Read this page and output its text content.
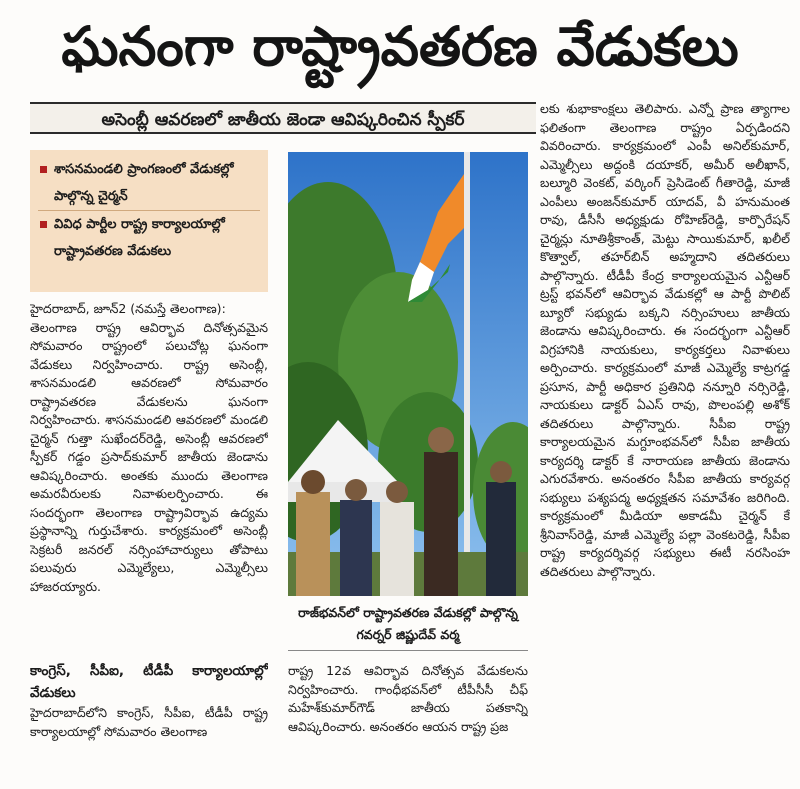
ఘనంగా రాష్ట్రావతరణ వేడుకలు
అసెంబ్లీ ఆవరణలో జాతీయ జెండా ఆవిష్కరించిన స్పీకర్
శాసనమండలి ప్రాంగణంలో వేడుకల్లో పాల్గొన్న చైర్మన్
వివిధ పార్టీల రాష్ట్ర కార్యాలయాల్లో రాష్ట్రావతరణ వేడుకలు

హైదరాబాద్‌, జూన్‌2 (నమస్తే తెలంగాణ):

తెలంగాణ రాష్ట్ర ఆవిర్భావ దినోత్సవమైన సోమవారం రాష్ట్రంలో పలుచోట్ల ఘనంగా వేడుకలు నిర్వహించారు. రాష్ట్ర అసెంబ్లీ, శాసనమండలి ఆవరణలో సోమవారం రాష్ట్రావతరణ వేడుకలను ఘనంగా నిర్వహించారు. శాసనమండలి ఆవరణలో మండలి చైర్మన్‌ గుత్తా సుఖేందర్‌రెడ్డి, అసెంబ్లీ ఆవరణలో స్పీకర్‌ గడ్డం ప్రసాద్‌కుమార్‌ జాతీయ జెండాను ఆవిష్కరించారు. అంతకు ముందు తెలంగాణ అమరవీరులకు నివాళులర్పించారు. ఈ సందర్భంగా తెలంగాణ రాష్ట్రావిర్భావ ఉద్యమ ప్రస్థానాన్ని గుర్తుచేశారు. కార్యక్రమంలో అసెంబ్లీ సెక్రటరీ జనరల్‌ నర్సింహాచార్యులు తోపాటు పలువురు ఎమ్మెల్యేలు, ఎమ్మెల్సీలు హాజరయ్యారు.

కాంగ్రెస్‌, సీపీఐ, టీడీపీ కార్యాలయాల్లో వేడుకలు

హైదరాబాద్‌లోని కాంగ్రెస్‌, సీపీఐ, టీడీపీ రాష్ట్ర కార్యాలయాల్లో సోమవారం తెలంగాణ

రాజ్‌భవన్‌లో రాష్ట్రావతరణ వేడుకల్లో పాల్గొన్న గవర్నర్‌ జిష్ణుదేవ్‌ వర్మ

రాష్ట్ర 12వ ఆవిర్భావ దినోత్సవ వేడుకలను నిర్వహించారు. గాంధీభవన్‌లో టీపీసీసీ చీఫ్‌ మహేశ్‌కుమార్‌గౌడ్‌ జాతీయ పతకాన్ని ఆవిష్కరించారు. అనంతరం ఆయన రాష్ట్ర ప్రజ

లకు శుభాకాంక్షలు తెలిపారు. ఎన్నో ప్రాణ త్యాగాల ఫలితంగా తెలంగాణ రాష్ట్రం ఏర్పడిందని వివరించారు. కార్యక్రమంలో ఎంపీ అనిల్‌కుమార్‌, ఎమ్మెల్సీలు అద్దంకి దయాకర్‌, అమీర్‌ అలీఖాన్‌, బల్మూరి వెంకట్‌, వర్కింగ్‌ ప్రెసిడెంట్‌ గీతారెడ్డి, మాజీ ఎంపీలు అంజన్‌కుమార్‌ యాదవ్‌, వీ హనుమంత రావు, డీసీసీ అధ్యక్షుడు రోహిణ్‌రెడ్డి, కార్పొరేషన్‌ చైర్మన్లు నూతిశ్రీకాంత్‌, మెట్టు సాయికుమార్‌, ఖలీల్‌ కొత్వాల్‌, తహర్‌బిన్‌ అహ్మదాని తదితరులు పాల్గొన్నారు. టీడీపీ కేంద్ర కార్యాలయమైన ఎన్టీఆర్‌ ట్రస్ట్‌ భవన్‌లో ఆవిర్భావ వేడుకల్లో ఆ పార్టీ పొలిట్‌ బ్యూరో సభ్యుడు బక్కని నర్సింహులు జాతీయ జెండాను ఆవిష్కరించారు. ఈ సందర్భంగా ఎన్టీఆర్‌ విగ్రహానికి నాయకులు, కార్యకర్తలు నివాళులు అర్పించారు. కార్యక్రమంలో మాజీ ఎమ్మెల్యే కాట్రగడ్డ ప్రసూన, పార్టీ అధికార ప్రతినిధి నన్నూరి నర్సిరెడ్డి, నాయకులు డాక్టర్‌ ఏఎస్‌ రావు, పొలంపల్లి అశోక్‌ తదితరులు పాల్గొన్నారు. సీపీఐ రాష్ట్ర కార్యాలయమైన మగ్దూంభవన్‌లో సీపీఐ జాతీయ కార్యదర్శి డాక్టర్‌ కే నారాయణ జాతీయ జెండాను ఎగురవేశారు. అనంతరం సీపీఐ జాతీయ కార్యవర్గ సభ్యులు పశ్యపద్మ అధ్యక్షతన సమావేశం జరిగింది. కార్యక్రమంలో మీడియా అకాడమీ చైర్మన్‌ కే శ్రీనివాస్‌రెడ్డి, మాజీ ఎమ్మెల్యే పల్లా వెంకటరెడ్డి, సీపీఐ రాష్ట్ర కార్యదర్శివర్గ సభ్యులు ఈటీ నరసింహ తదితరులు పాల్గొన్నారు.
